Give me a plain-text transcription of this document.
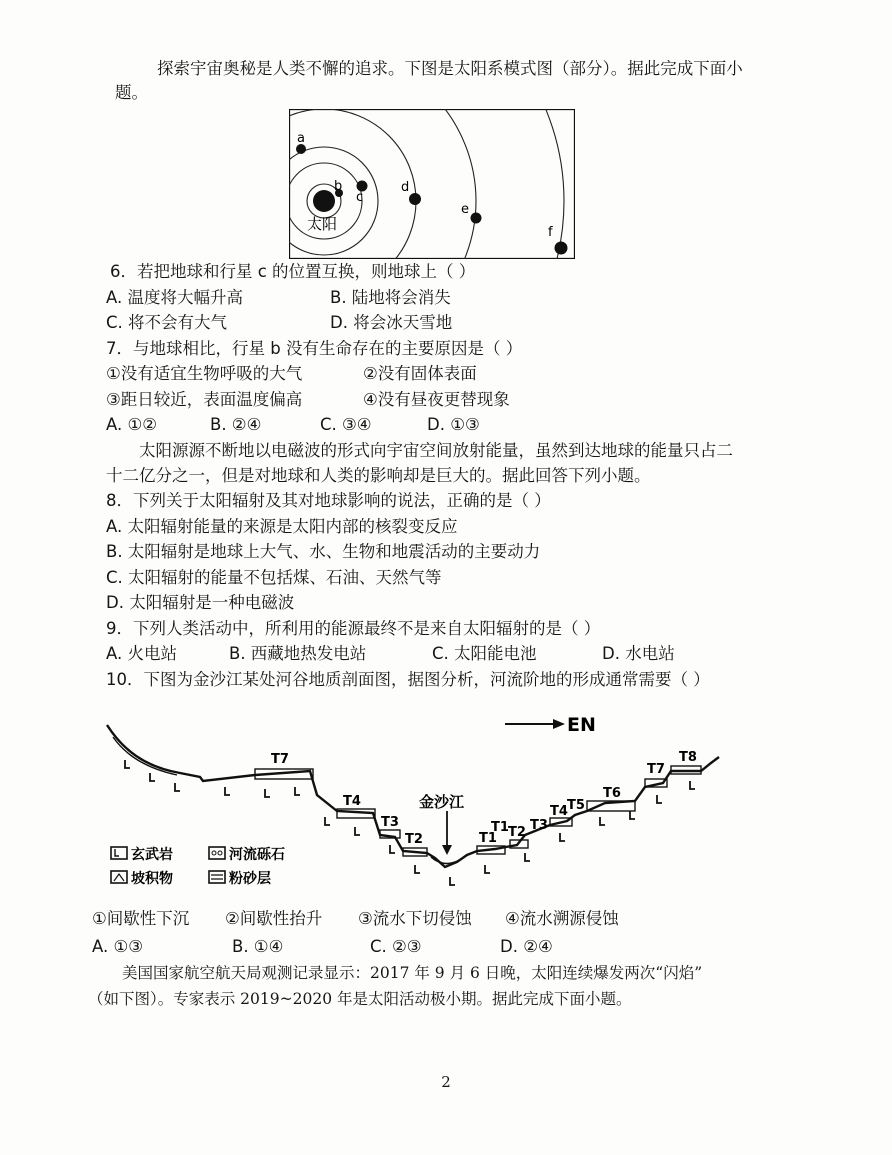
探索宇宙奥秘是人类不懈的追求。下图是太阳系模式图（部分）。据此完成下面小
题。
a
b
c
d
e
f
太阳
6．若把地球和行星 c 的位置互换，则地球上（ ）
A. 温度将大幅升高	B. 陆地将会消失
C. 将不会有大气	D. 将会冰天雪地
7．与地球相比，行星 b 没有生命存在的主要原因是（ ）
①没有适宜生物呼吸的大气	②没有固体表面
③距日较近，表面温度偏高	④没有昼夜更替现象
A. ①②	B. ②④	C. ③④	D. ①③
太阳源源不断地以电磁波的形式向宇宙空间放射能量，虽然到达地球的能量只占二
十二亿分之一，但是对地球和人类的影响却是巨大的。据此回答下列小题。
8．下列关于太阳辐射及其对地球影响的说法，正确的是（ ）
A. 太阳辐射能量的来源是太阳内部的核裂变反应
B. 太阳辐射是地球上大气、水、生物和地震活动的主要动力
C. 太阳辐射的能量不包括煤、石油、天然气等
D. 太阳辐射是一种电磁波
9．下列人类活动中，所利用的能源最终不是来自太阳辐射的是（ ）
A. 火电站	B. 西藏地热发电站	C. 太阳能电池	D. 水电站
10．下图为金沙江某处河谷地质剖面图，据图分析，河流阶地的形成通常需要（ ）
EN
金沙江
T7
T4
T3
T2	T1
T1 T2 T3
T4 T5
T6
T7
T8
玄武岩	河流砾石
坡积物	粉砂层
①间歇性下沉 ②间歇性抬升 ③流水下切侵蚀 ④流水溯源侵蚀
A. ①③	B. ①④	C. ②③	D. ②④
美国国家航空航天局观测记录显示：2017 年 9 月 6 日晚，太阳连续爆发两次“闪焰”
（如下图）。专家表示 2019~2020 年是太阳活动极小期。据此完成下面小题。
2
